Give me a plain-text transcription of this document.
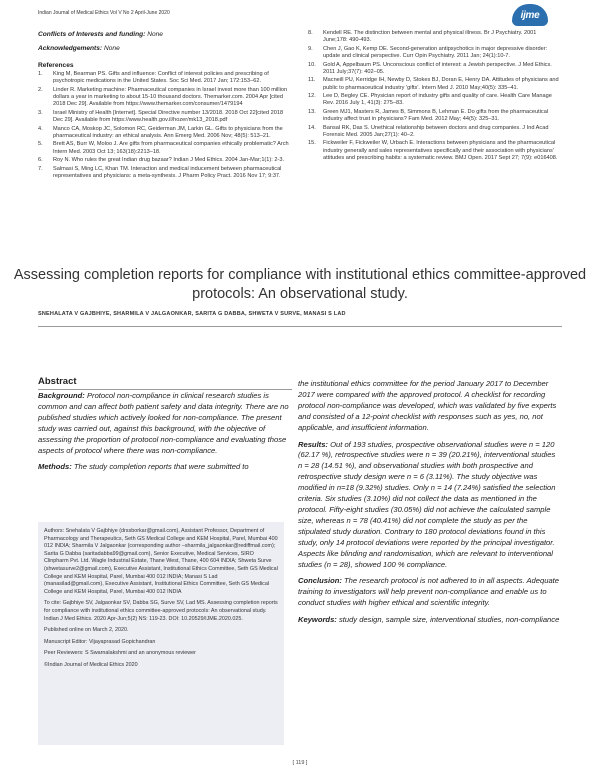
Indian Journal of Medical Ethics Vol V No 2 April-June 2020	ijme
Conflicts of Interests and funding: None
Acknowledgements: None
References
1.	King M, Bearman PS. Gifts and influence: Conflict of interest policies and prescribing of psychotropic medications in the United States. Soc Sci Med. 2017 Jan; 172:153–62.
2.	Linder R. Marketing machine: Pharmaceutical companies in Israel invest more than 100 million dollars a year in marketing to about 15-10 thousand doctors. Themarker.com. 2004 Apr [cited 2018 Dec 29]. Available from https://www.themarker.com/consumer/1479194
3.	Israel Ministry of Health [Internet]. Special Directive number 13/2018. 2018 Oct 22[cited 2018 Dec 29]. Available from https://www.health.gov.il/hozer/mk13_2018.pdf
4.	Manco CA, Moskop JC, Solomon RC, Geiderman JM, Larkin GL. Gifts to physicians from the pharmaceutical industry: an ethical analysis. Ann Emerg Med. 2006 Nov; 48(5): 513–21.
5.	Brett AS, Burr W, Moloo J. Are gifts from pharmaceutical companies ethically problematic? Arch Intern Med. 2003 Oct 13; 163(18):2213–18.
6.	Roy N. Who rules the great Indian drug bazaar? Indian J Med Ethics. 2004 Jan-Mar;1(1): 2-3.
7.	Salmasi S, Ming LC, Khan TM. Interaction and medical inducement between pharmaceutical representatives and physicians: a meta-synthesis. J Pharm Policy Pract. 2016 Nov 17; 9:37.
8.	Kendell RE. The distinction between mental and physical illness. Br J Psychiatry. 2001 June;178: 490-493.
9.	Chen J, Gao K, Kemp DE. Second-generation antipsychotics in major depressive disorder: update and clinical perspective. Curr Opin Psychiatry. 2011 Jan; 24(1):10-7.
10.	Gold A, Appelbaum PS. Unconscious conflict of interest: a Jewish perspective. J Med Ethics. 2011 July;37(7): 402–05.
11.	Macneill PU, Kerridge IH, Newby D, Stokes BJ, Doran E, Henry DA. Attitudes of physicians and public to pharmaceutical industry 'gifts'. Intern Med J. 2010 May;40(5): 335–41.
12.	Lee D, Begley CE. Physician report of industry gifts and quality of care. Health Care Manage Rev. 2016 July 1, 41(3): 275–83.
13.	Green MJ1, Masters R, James B, Simmons B, Lehman E. Do gifts from the pharmaceutical industry affect trust in physicians? Fam Med. 2012 May; 44(5): 325–31.
14.	Bansal RK, Das S. Unethical relationship between doctors and drug companies. J Ind Acad Forensic Med. 2005 Jan;27(1): 40–2.
15.	Fickweiler F, Fickweiler W, Urbach E. Interactions between physicians and the pharmaceutical industry generally and sales representatives specifically and their association with physicians' attitudes and prescribing habits: a systematic review. BMJ Open. 2017 Sept 27; 7(9): e016408.
Assessing completion reports for compliance with institutional ethics committee-approved protocols: An observational study.
SNEHALATA V GAJBHIYE, SHARMILA V JALGAONKAR, SARITA G DABBA, SHWETA V SURVE, MANASI S LAD
Abstract

Background: Protocol non-compliance in clinical research studies is common and can affect both patient safety and data integrity. There are no published studies which actively looked for non-compliance. The present study was carried out, against this background, with the objective of assessing the proportion of protocol non-compliance and evaluating those aspects of protocol where there was non-compliance.

Methods: The study completion reports that were submitted to

Authors: Snehalata V Gajbhiye (drssborkar@gmail.com), Assistant Professor, Department of Pharmacology and Therapeutics, Seth GS Medical College and KEM Hospital, Parel, Mumbai 400 012 INDIA; Sharmila V Jalgaonkar (corresponding author –sharmila_jalgaonkar@rediffmail.com); Sarita G Dabba (saritadabba99@gmail.com), Senior Executive, Medical Services, SIRO Clinpharm Pvt. Ltd. Wagle Industrial Estate, Thane West, Thane, 400 604 INDIA; Shweta Surve (shwetasurve2@gmail.com), Executive Assistant, Institutional Ethics Committee, Seth GS Medical College and KEM Hospital, Parel, Mumbai 400 012 INDIA; Manasi S Lad (manasilad@gmail.com), Executive Assistant, Institutional Ethics Committee, Seth GS Medical College and KEM Hospital, Parel, Mumbai 400 012 INDIA

To cite: Gajbhiye SV, Jalgaonkar SV, Dabba SG, Surve SV, Lad MS. Assessing completion reports for compliance with institutional ethics committee-approved protocols: An observational study. Indian J Med Ethics. 2020 Apr-Jun;5(2) NS: 119-23. DOI: 10.20529/IJME.2020.025.

Published online on March 2, 2020.

Manuscript Editor: Vijayaprasad Gopichandran

Peer Reviewers: S Swarnalakshmi and an anonymous reviewer

©Indian Journal of Medical Ethics 2020

the institutional ethics committee for the period January 2017 to December 2017 were compared with the approved protocol. A checklist for recording protocol non-compliance was developed, which was validated by five experts and consisted of a 12-point checklist with responses such as yes, no, not applicable, and insufficient information.

Results: Out of 193 studies, prospective observational studies were n = 120 (62.17 %), retrospective studies were n = 39 (20.21%), interventional studies n = 28 (14.51 %), and observational studies with both prospective and retrospective study design were n = 6 (3.11%). The study objective was modified in n=18 (9.32%) studies. Only n = 14 (7.24%) satisfied the selection criteria. Six studies (3.10%) did not collect the data as mentioned in the protocol. Fifty-eight studies (30.05%) did not achieve the calculated sample size, whereas n = 78 (40.41%) did not complete the study as per the stipulated study duration. Contrary to 180 protocol deviations found in this study, only 14 protocol deviations were reported by the principal investigator. Aspects like blinding and randomisation, which are relevant to interventional studies (n = 28), showed 100 % compliance.

Conclusion: The research protocol is not adhered to in all aspects. Adequate training to investigators will help prevent non-compliance and enable us to conduct studies with higher ethical and scientific integrity.

Keywords: study design, sample size, interventional studies, non-compliance

[ 119 ]
